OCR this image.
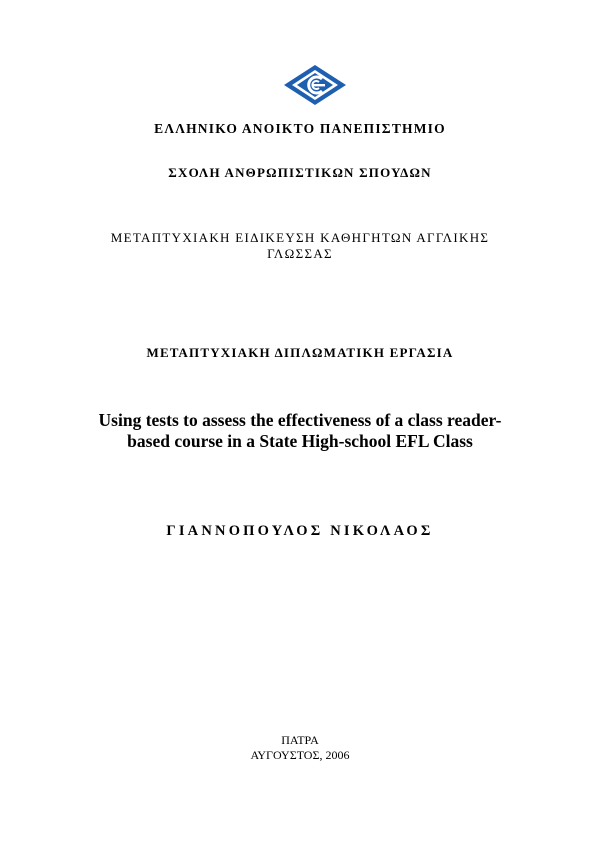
ΕΛΛΗΝΙΚΟ ΑΝΟΙΚΤΟ ΠΑΝΕΠΙΣΤΗΜΙΟ
ΣΧΟΛΗ ΑΝΘΡΩΠΙΣΤΙΚΩΝ ΣΠΟΥΔΩΝ
ΜΕΤΑΠΤΥΧΙΑΚΗ ΕΙΔΙΚΕΥΣΗ ΚΑΘΗΓΗΤΩΝ ΑΓΓΛΙΚΗΣ
ΓΛΩΣΣΑΣ
ΜΕΤΑΠΤΥΧΙΑΚΗ ΔΙΠΛΩΜΑΤΙΚΗ ΕΡΓΑΣΙΑ
Using tests to assess the effectiveness of a class reader-
based course in a State High-school EFL Class
ΓΙΑΝΝΟΠΟΥΛΟΣ ΝΙΚΟΛΑΟΣ
ΠΑΤΡΑ
ΑΥΓΟΥΣΤΟΣ, 2006
